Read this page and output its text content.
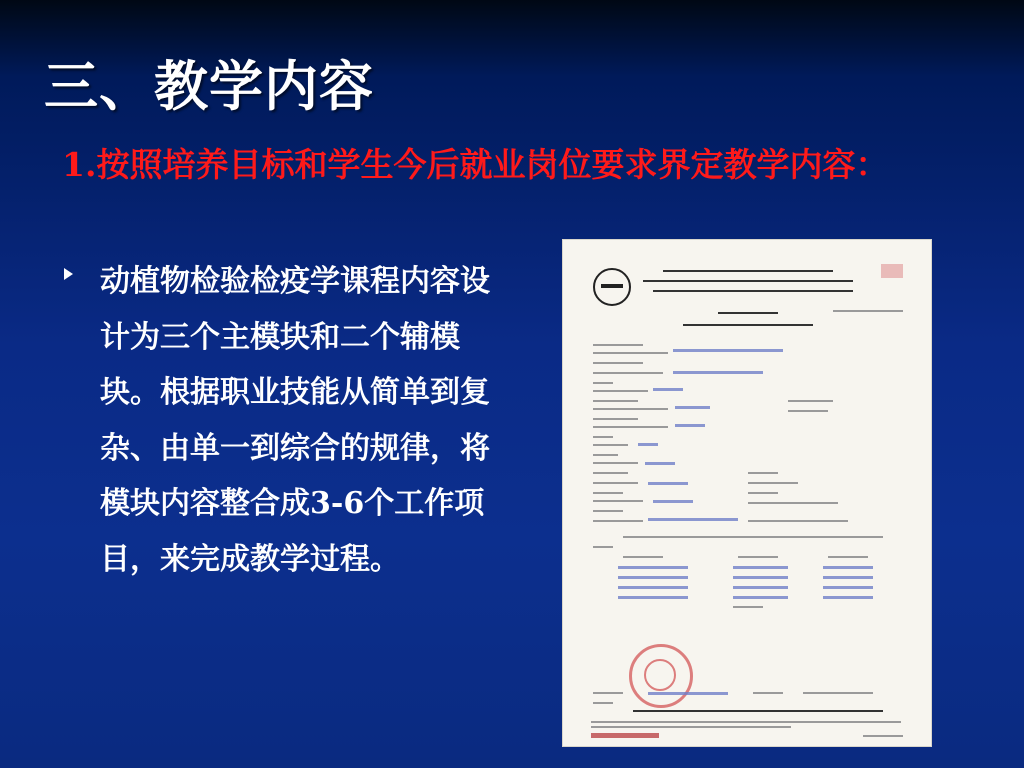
三、教学内容
1.按照培养目标和学生今后就业岗位要求界定教学内容：
动植物检验检疫学课程内容设计为三个主模块和二个辅模块。根据职业技能从简单到复杂、由单一到综合的规律，将模块内容整合成3-6个工作项目，来完成教学过程。
